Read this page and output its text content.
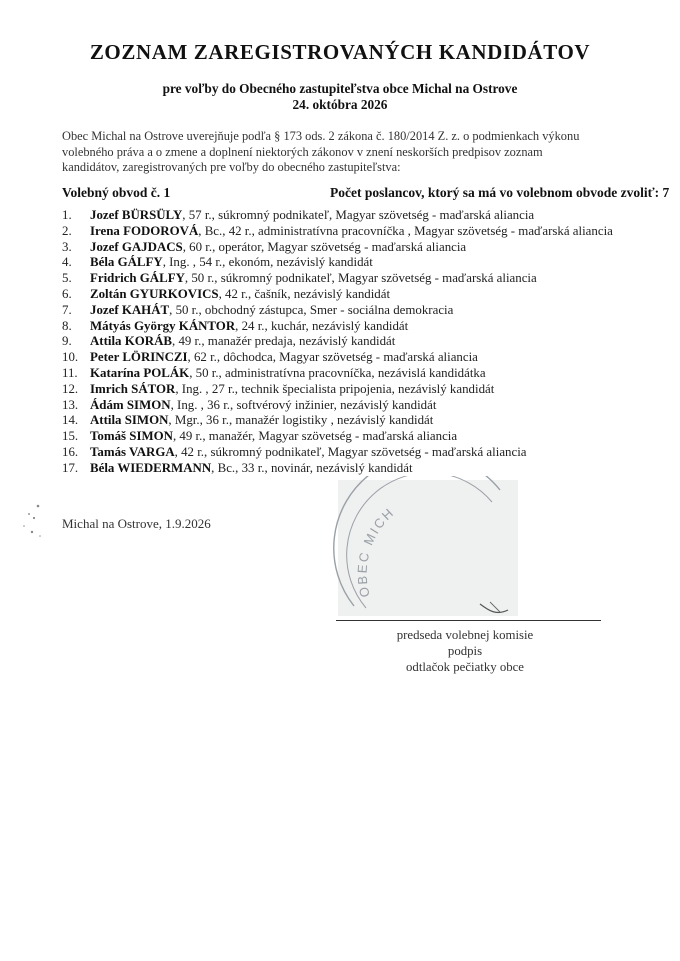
ZOZNAM ZAREGISTROVANÝCH KANDIDÁTOV
pre voľby do Obecného zastupiteľstva obce Michal na Ostrove
24. októbra 2026
Obec Michal na Ostrove uverejňuje podľa § 173 ods. 2 zákona č. 180/2014 Z. z. o podmienkach výkonu volebného práva a o zmene a doplnení niektorých zákonov v znení neskorších predpisov zoznam kandidátov, zaregistrovaných pre voľby do obecného zastupiteľstva:
Volebný obvod č. 1	Počet poslancov, ktorý sa má vo volebnom obvode zvoliť: 7
1.	Jozef BÜRSÜLY, 57 r., súkromný podnikateľ, Magyar szövetség - maďarská aliancia
2.	Irena FODOROVÁ, Bc., 42 r., administratívna pracovníčka , Magyar szövetség - maďarská aliancia
3.	Jozef GAJDACS, 60 r., operátor, Magyar szövetség - maďarská aliancia
4.	Béla GÁLFY, Ing. , 54 r., ekonóm, nezávislý kandidát
5.	Fridrich GÁLFY, 50 r., súkromný podnikateľ, Magyar szövetség - maďarská aliancia
6.	Zoltán GYURKOVICS, 42 r., čašník, nezávislý kandidát
7.	Jozef KAHÁT, 50 r., obchodný zástupca, Smer - sociálna demokracia
8.	Mátyás György KÁNTOR, 24 r., kuchár, nezávislý kandidát
9.	Attila KORÁB, 49 r., manažér predaja, nezávislý kandidát
10. Peter LÖRINCZI, 62 r., dôchodca, Magyar szövetség - maďarská aliancia
11. Katarína POLÁK, 50 r., administratívna pracovníčka, nezávislá kandidátka
12. Imrich SÁTOR, Ing. , 27 r., technik špecialista pripojenia, nezávislý kandidát
13. Ádám SIMON, Ing. , 36 r., softvérový inžinier, nezávislý kandidát
14. Attila SIMON, Mgr., 36 r., manažér logistiky , nezávislý kandidát
15. Tomáš SIMON, 49 r., manažér, Magyar szövetség - maďarská aliancia
16. Tamás VARGA, 42 r., súkromný podnikateľ, Magyar szövetség - maďarská aliancia
17. Béla WIEDERMANN, Bc., 33 r., novinár, nezávislý kandidát
Michal na Ostrove, 1.9.2026
OBEC MICH
predseda volebnej komisie
podpis
odtlačok pečiatky obce
